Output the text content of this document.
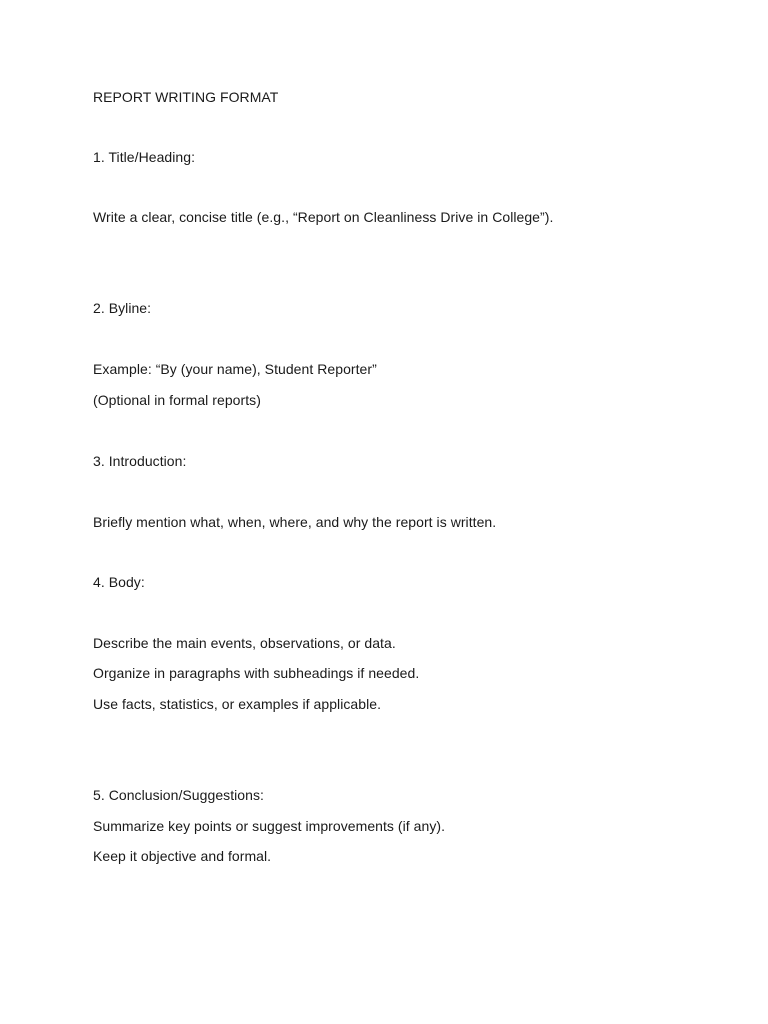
REPORT WRITING FORMAT
1. Title/Heading:
Write a clear, concise title (e.g., “Report on Cleanliness Drive in College”).
2. Byline:
Example: “By (your name), Student Reporter”
(Optional in formal reports)
3. Introduction:
Briefly mention what, when, where, and why the report is written.
4. Body:
Describe the main events, observations, or data.
Organize in paragraphs with subheadings if needed.
Use facts, statistics, or examples if applicable.
5. Conclusion/Suggestions:
Summarize key points or suggest improvements (if any).
Keep it objective and formal.
